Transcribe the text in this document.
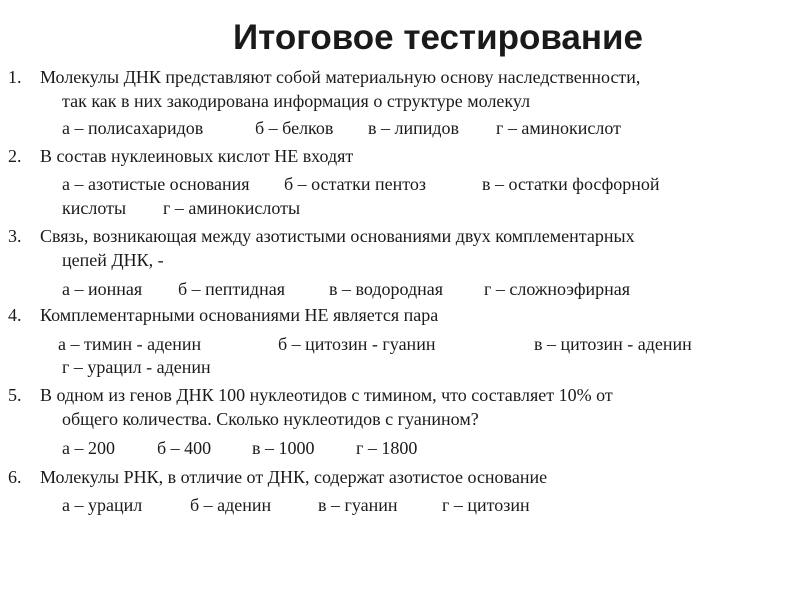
Итоговое тестирование
1. Молекулы ДНК представляют собой материальную основу наследственности,
так как в них закодирована информация о структуре молекул
а – полисахаридов	б – белков в – липидов г – аминокислот
2. В состав нуклеиновых кислот НЕ входят
а – азотистые основания б – остатки пентоз	в – остатки фосфорной
кислоты г – аминокислоты
3. Связь, возникающая между азотистыми основаниями двух комплементарных
цепей ДНК, -
а – ионная б – пептидная в – водородная г – сложноэфирная
4. Комплементарными основаниями НЕ является пара
а – тимин - аденин	б – цитозин - гуанин	в – цитозин - аденин
г – урацил - аденин
5. В одном из генов ДНК 100 нуклеотидов с тимином, что составляет 10% от
общего количества. Сколько нуклеотидов с гуанином?
а – 200 б – 400 в – 1000 г – 1800
6. Молекулы РНК, в отличие от ДНК, содержат азотистое основание
а – урацил	б – аденин	в – гуанин г – цитозин
